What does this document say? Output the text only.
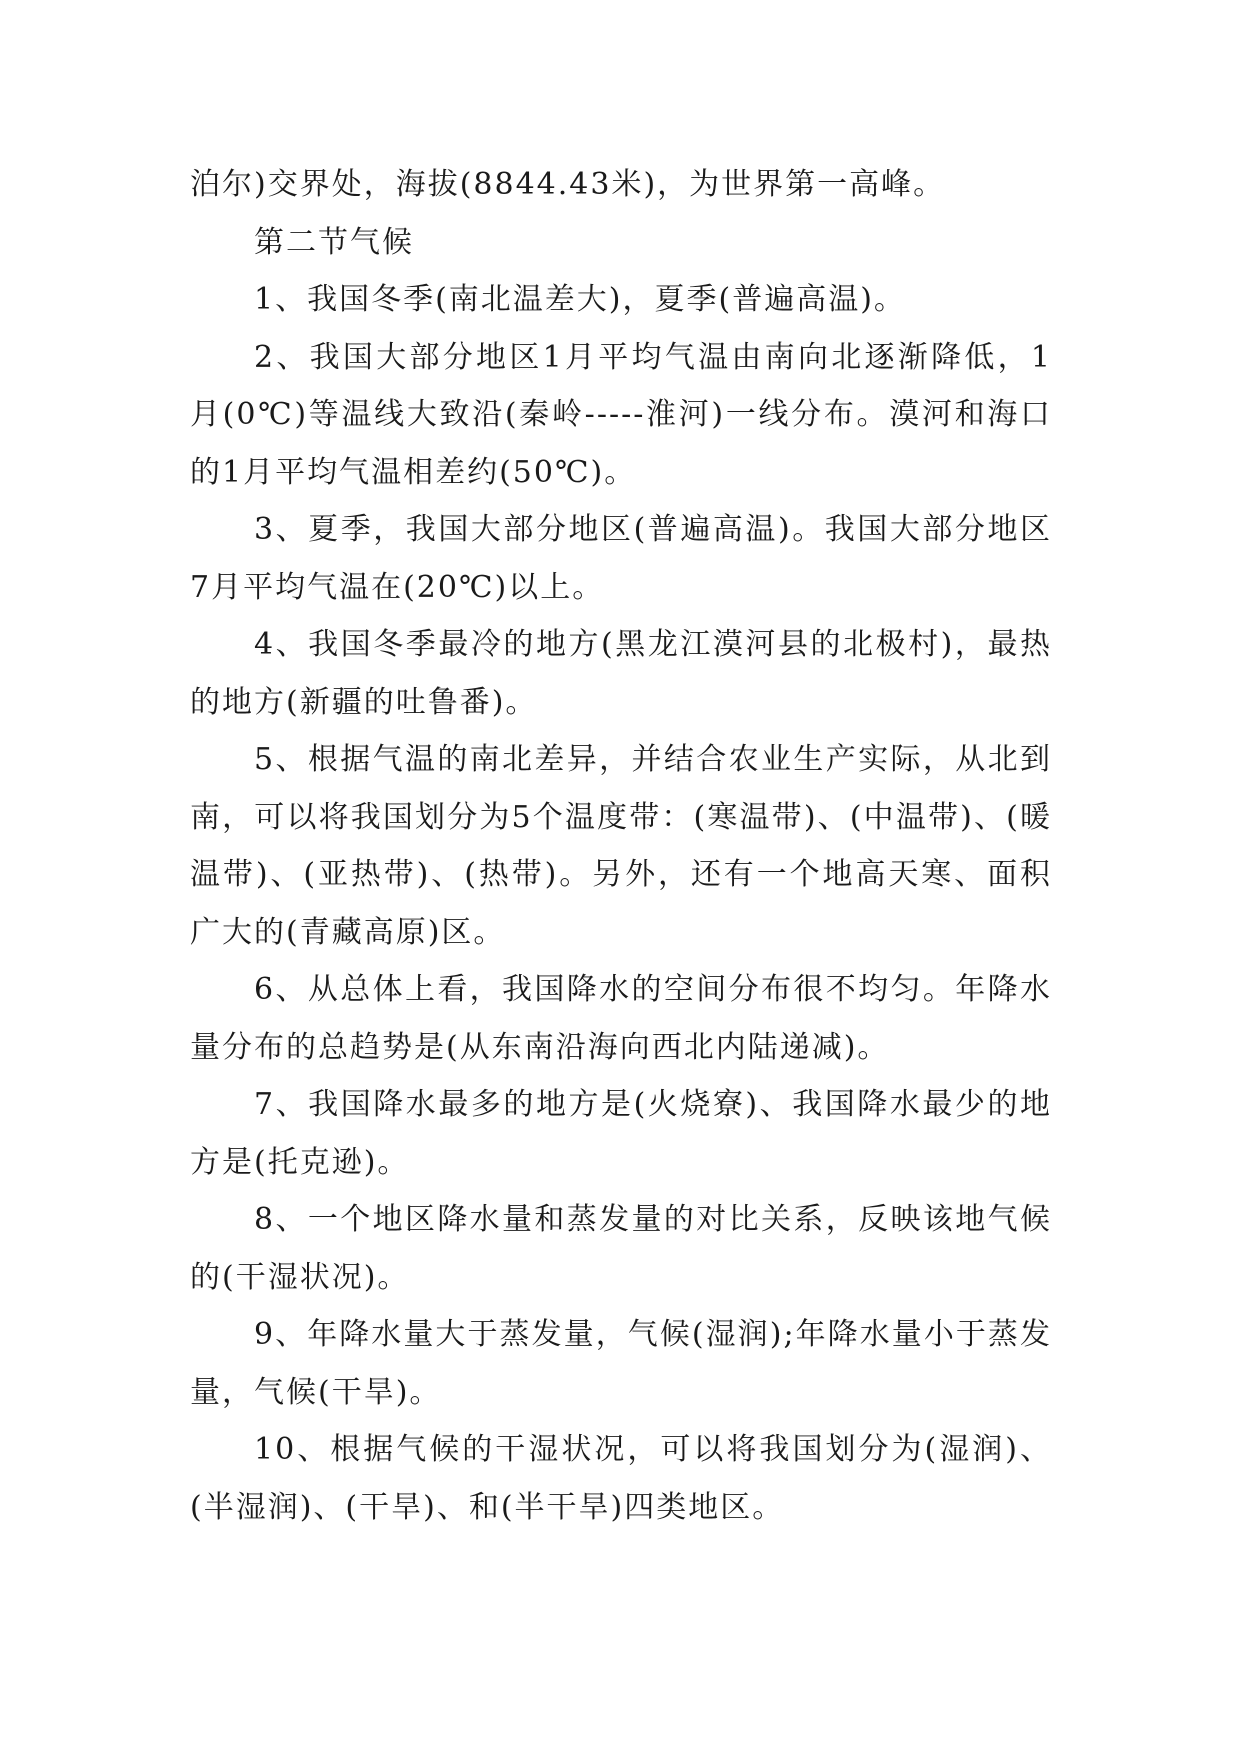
泊尔)交界处，海拔(8844.43米)，为世界第一高峰。

第二节气候

1、我国冬季(南北温差大)，夏季(普遍高温)。

2、我国大部分地区1月平均气温由南向北逐渐降低，1月(0℃)等温线大致沿(秦岭-----淮河)一线分布。漠河和海口的1月平均气温相差约(50℃)。

3、夏季，我国大部分地区(普遍高温)。我国大部分地区7月平均气温在(20℃)以上。

4、我国冬季最冷的地方(黑龙江漠河县的北极村)，最热的地方(新疆的吐鲁番)。

5、根据气温的南北差异，并结合农业生产实际，从北到南，可以将我国划分为5个温度带：(寒温带)、(中温带)、(暖温带)、(亚热带)、(热带)。另外，还有一个地高天寒、面积广大的(青藏高原)区。

6、从总体上看，我国降水的空间分布很不均匀。年降水量分布的总趋势是(从东南沿海向西北内陆递减)。

7、我国降水最多的地方是(火烧寮)、我国降水最少的地方是(托克逊)。

8、一个地区降水量和蒸发量的对比关系，反映该地气候的(干湿状况)。

9、年降水量大于蒸发量，气候(湿润);年降水量小于蒸发量，气候(干旱)。

10、根据气候的干湿状况，可以将我国划分为(湿润)、(半湿润)、(干旱)、和(半干旱)四类地区。
